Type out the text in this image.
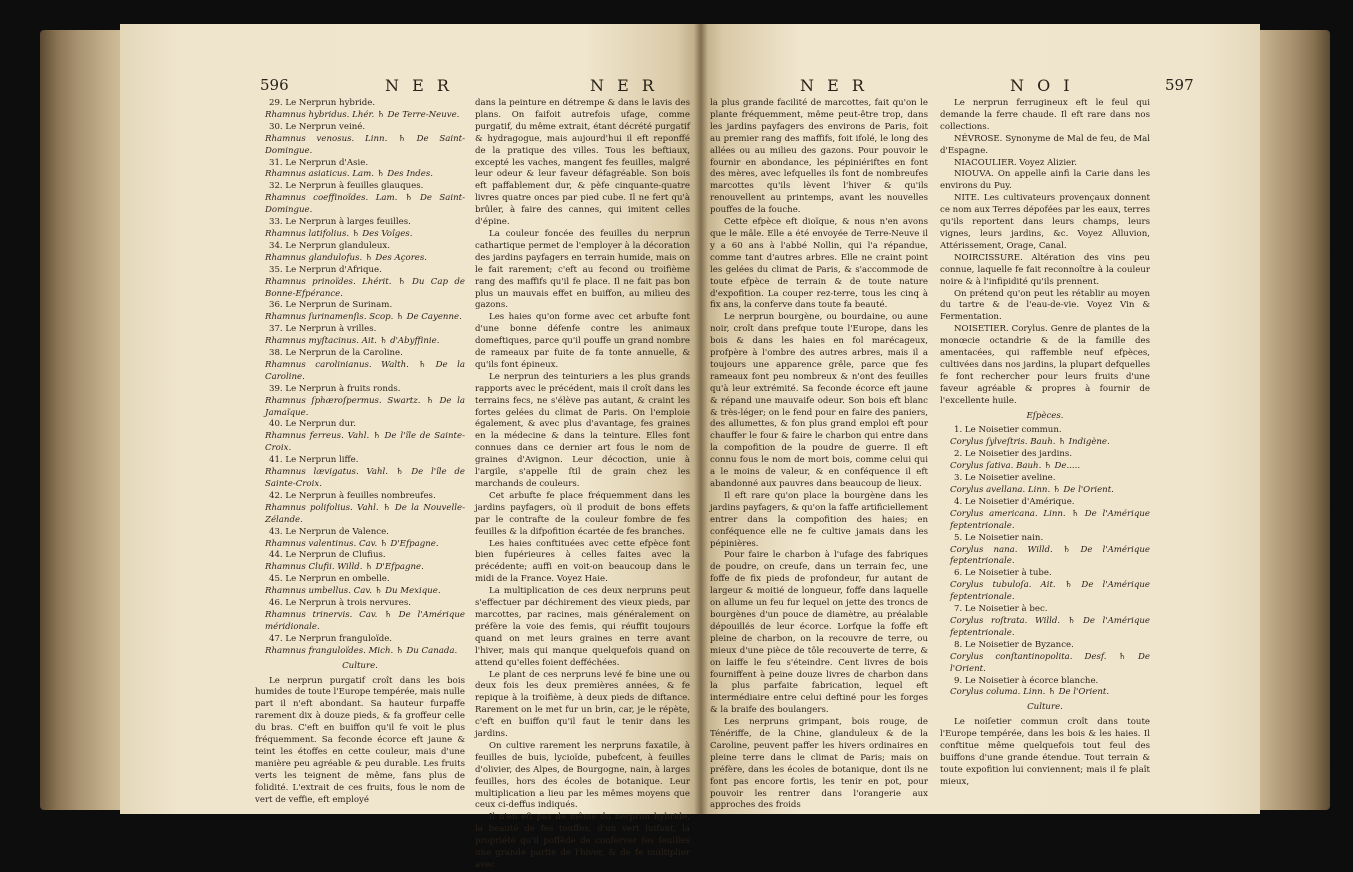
596	N E R	N E R

29. Le Nerprun hybride.

Rhamnus hybridus. Lhér. ♄ De Terre-Neuve.

30. Le Nerprun veiné.

Rhamnus venosus. Linn. ♄ De Saint-Domingue.

31. Le Nerprun d'Asie.

Rhamnus asiaticus. Lam. ♄ Des Indes.

32. Le Nerprun à feuilles glauques.

Rhamnus coeffinoïdes. Lam. ♄ De Saint-Domingue.

33. Le Nerprun à larges feuilles.

Rhamnus latifolius. ♄ Des Voîges.

34. Le Nerprun glanduleux.

Rhamnus glandulofus. ♄ Des Açores.

35. Le Nerprun d'Afrique.

Rhamnus prinoïdes. Lhérit. ♄ Du Cap de Bonne-Efpérance.

36. Le Nerprun de Surinam.

Rhamnus ſurinamenſis. Scop. ♄ De Cayenne.

37. Le Nerprun à vrilles.

Rhamnus myſtacinus. Ait. ♄ d'Abyffinie.

38. Le Nerprun de la Caroline.

Rhamnus carolinianus. Walth. ♄ De la Caroline.

39. Le Nerprun à fruits ronds.

Rhamnus ſphæroſpermus. Swartz. ♄ De la Jamaïque.

40. Le Nerprun dur.

Rhamnus ferreus. Vahl. ♄ De l'île de Sainte-Croix.

41. Le Nerprun liffe.

Rhamnus lævigatus. Vahl. ♄ De l'île de Sainte-Croix.

42. Le Nerprun à feuilles nombreufes.

Rhamnus polifolius. Vahl. ♄ De la Nouvelle-Zélande.

43. Le Nerprun de Valence.

Rhamnus valentinus. Cav. ♄ D'Efpagne.

44. Le Nerprun de Clufius.

Rhamnus Clufii. Willd. ♄ D'Efpagne.

45. Le Nerprun en ombelle.

Rhamnus umbellus. Cav. ♄ Du Mexique.

46. Le Nerprun à trois nervures.

Rhamnus trinervis. Cav. ♄ De l'Amérique méridionale.

47. Le Nerprun franguloïde.

Rhamnus franguloïdes. Mich. ♄ Du Canada.

Culture.

Le nerprun purgatif croît dans les bois humides de toute l'Europe tempérée, mais nulle part il n'eft abondant. Sa hauteur furpaffe rarement dix à douze pieds, & fa groffeur celle du bras. C'eft en buiffon qu'il fe voit le plus fréquemment. Sa feconde écorce eft jaune & teint les étoffes en cette couleur, mais d'une manière peu agréable & peu durable. Les fruits verts les teignent de même, fans plus de folidité. L'extrait de ces fruits, fous le nom de vert de veffie, eft employé

dans la peinture en détrempe & dans le lavis des plans. On faifoit autrefois ufage, comme purgatif, du même extrait, étant décrété purgatif & hydragogue, mais aujourd'hui il eft reponffé de la pratique des villes. Tous les beftiaux, excepté les vaches, mangent fes feuilles, malgré leur odeur & leur faveur défagréable. Son bois eft paffablement dur, & pèfe cinquante-quatre livres quatre onces par pied cube. Il ne fert qu'à brûler, à faire des cannes, qui imitent celles d'épine.

La couleur foncée des feuilles du nerprun cathartique permet de l'employer à la décoration des jardins payfagers en terrain humide, mais on le fait rarement; c'eft au fecond ou troifième rang des maffifs qu'il fe place. Il ne fait pas bon plus un mauvais effet en buiffon, au milieu des gazons.

Les haies qu'on forme avec cet arbufte font d'une bonne défenfe contre les animaux domeftiques, parce qu'il pouffe un grand nombre de rameaux par fuite de fa tonte annuelle, & qu'ils font épineux.

Le nerprun des teinturiers a les plus grands rapports avec le précédent, mais il croît dans les terrains fecs, ne s'élève pas autant, & craint les fortes gelées du climat de Paris. On l'emploie également, & avec plus d'avantage, fes graines en la médecine & dans la teinture. Elles font connues dans ce dernier art fous le nom de graines d'Avignon. Leur décoction, unie à l'argile, s'appelle ſtil de grain chez les marchands de couleurs.

Cet arbufte fe place fréquemment dans les jardins payfagers, où il produit de bons effets par le contrafte de la couleur fombre de fes feuilles & la difpofition écartée de fes branches.

Les haies conftituées avec cette efpèce font bien fupérieures à celles faites avec la précédente; auffi en voit-on beaucoup dans le midi de la France. Voyez Haie.

La multiplication de ces deux nerpruns peut s'effectuer par déchirement des vieux pieds, par marcottes, par racines, mais généralement on préfère la voie des femis, qui réuffit toujours quand on met leurs graines en terre avant l'hiver, mais qui manque quelquefois quand on attend qu'elles foient defféchées.

Le plant de ces nerpruns levé fe bine une ou deux fois les deux premières années, & fe repique à la troifième, à deux pieds de diftance. Rarement on le met fur un brin, car, je le répète, c'eft en buiffon qu'il faut le tenir dans les jardins.

On cultive rarement les nerpruns faxatile, à feuilles de buis, lycioïde, pubefcent, à feuilles d'olivier, des Alpes, de Bourgogne, nain, à larges feuilles, hors des écoles de botanique. Leur multiplication a lieu par les mêmes moyens que ceux ci-deffus indiqués.

Il n'en eft pas de même du nerprun hybride, la beauté de fes touffes, d'un vert luifant, la propriété qu'il poffède de conferver fes feuilles une grande partie de l'hiver, & de fe multiplier avec

N E R	N O I	597

la plus grande facilité de marcottes, fait qu'on le plante fréquemment, même peut-être trop, dans les jardins payfagers des environs de Paris, foit au premier rang des maffifs, foit ifolé, le long des allées ou au milieu des gazons. Pour pouvoir le fournir en abondance, les pépiniériftes en font des mères, avec lefquelles ils font de nombreufes marcottes qu'ils lèvent l'hiver & qu'ils renouvellent au printemps, avant les nouvelles pouffes de la fouche.

Cette efpèce eft dioïque, & nous n'en avons que le mâle. Elle a été envoyée de Terre-Neuve il y a 60 ans à l'abbé Nollin, qui l'a répandue, comme tant d'autres arbres. Elle ne craint point les gelées du climat de Paris, & s'accommode de toute efpèce de terrain & de toute nature d'expofition. La couper rez-terre, tous les cinq à fix ans, la conferve dans toute fa beauté.

Le nerprun bourgène, ou bourdaine, ou aune noir, croît dans prefque toute l'Europe, dans les bois & dans les haies en fol marécageux, profpère à l'ombre des autres arbres, mais il a toujours une apparence grêle, parce que fes rameaux font peu nombreux & n'ont des feuilles qu'à leur extrémité. Sa feconde écorce eft jaune & répand une mauvaife odeur. Son bois eft blanc & très-léger; on le fend pour en faire des paniers, des allumettes, & fon plus grand emploi eft pour chauffer le four & faire le charbon qui entre dans la compofition de la poudre de guerre. Il eft connu fous le nom de mort bois, comme celui qui a le moins de valeur, & en conféquence il eft abandonné aux pauvres dans beaucoup de lieux.

Il eft rare qu'on place la bourgène dans les jardins payfagers, & qu'on la faffe artificiellement entrer dans la compofition des haies; en conféquence elle ne fe cultive jamais dans les pépinières.

Pour faire le charbon à l'ufage des fabriques de poudre, on creufe, dans un terrain fec, une foffe de fix pieds de profondeur, fur autant de largeur & moitié de longueur, foffe dans laquelle on allume un feu fur lequel on jette des troncs de bourgènes d'un pouce de diamètre, au préalable dépouillés de leur écorce. Lorfque la foffe eft pleine de charbon, on la recouvre de terre, ou mieux d'une pièce de tôle recouverte de terre, & on laiffe le feu s'éteindre. Cent livres de bois fourniffent à peine douze livres de charbon dans la plus parfaite fabrication, lequel eft intermédiaire entre celui deftiné pour les forges & la braife des boulangers.

Les nerpruns grimpant, bois rouge, de Ténériffe, de la Chine, glanduleux & de la Caroline, peuvent paffer les hivers ordinaires en pleine terre dans le climat de Paris; mais on préfère, dans les écoles de botanique, dont ils ne font pas encore fortis, les tenir en pot, pour pouvoir les rentrer dans l'orangerie aux approches des froids

Le nerprun ferrugineux eft le feul qui demande la ferre chaude. Il eft rare dans nos collections.

NÉVROSE. Synonyme de Mal de feu, de Mal d'Espagne.

NIACOULIER. Voyez Alizier.

NIOUVA. On appelle ainfi la Carie dans les environs du Puy.

NITE. Les cultivateurs provençaux donnent ce nom aux Terres dépofées par les eaux, terres qu'ils reportent dans leurs champs, leurs vignes, leurs jardins, &c. Voyez Alluvion, Attérissement, Orage, Canal.

NOIRCISSURE. Altération des vins peu connue, laquelle fe fait reconnoître à la couleur noire & à l'infipidité qu'ils prennent.

On prétend qu'on peut les rétablir au moyen du tartre & de l'eau-de-vie. Voyez Vin & Fermentation.

NOISETIER. Corylus. Genre de plantes de la monœcie octandrie & de la famille des amentacées, qui raffemble neuf efpèces, cultivées dans nos jardins, la plupart defquelles fe font rechercher pour leurs fruits d'une faveur agréable & propres à fournir de l'excellente huile.

Eſpèces.

1. Le Noisetier commun.

Corylus ſylveſtris. Bauh. ♄ Indigène.

2. Le Noisetier des jardins.

Corylus ſativa. Bauh. ♄ De.....

3. Le Noisetier aveline.

Corylus avellana. Linn. ♄ De l'Orient.

4. Le Noisetier d'Amérique.

Corylus americana. Linn. ♄ De l'Amérique feptentrionale.

5. Le Noisetier nain.

Corylus nana. Willd. ♄ De l'Amérique feptentrionale.

6. Le Noisetier à tube.

Corylus tubuloſa. Ait. ♄ De l'Amérique feptentrionale.

7. Le Noisetier à bec.

Corylus roſtrata. Willd. ♄ De l'Amérique feptentrionale.

8. Le Noisetier de Byzance.

Corylus conſtantinopolita. Desf. ♄ De l'Orient.

9. Le Noisetier à écorce blanche.

Corylus columa. Linn. ♄ De l'Orient.

Culture.

Le noiſetier commun croît dans toute l'Europe tempérée, dans les bois & les haies. Il conftitue même quelquefois tout feul des buiffons d'une grande étendue. Tout terrain & toute expofition lui conviennent; mais il fe plaît mieux,
